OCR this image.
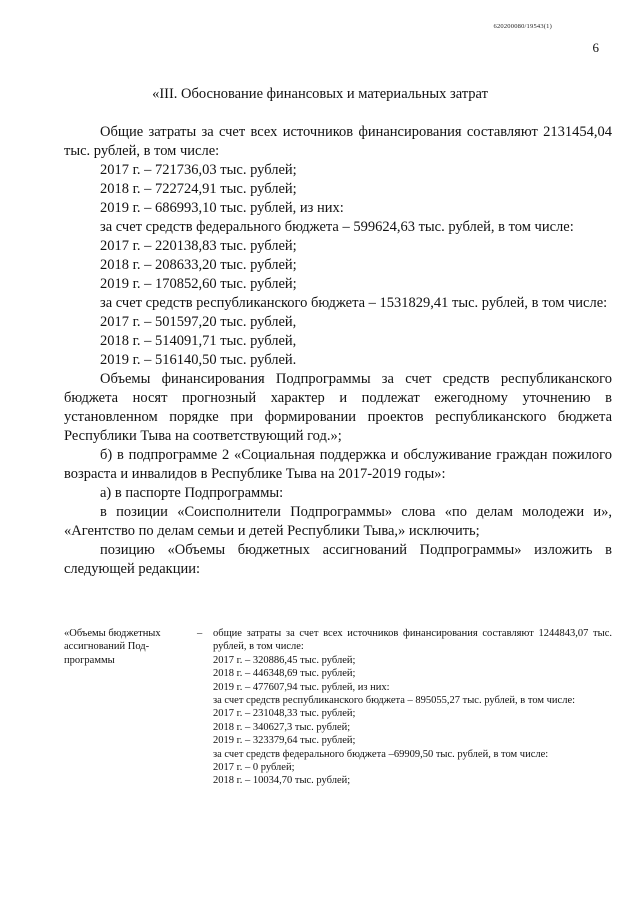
620200080/19543(1)
6
«III. Обоснование финансовых и материальных затрат

Общие затраты за счет всех источников финансирования составляют 2131454,04 тыс. рублей, в том числе:

2017 г. – 721736,03 тыс. рублей;

2018 г. – 722724,91 тыс. рублей;

2019 г. – 686993,10 тыс. рублей, из них:

за счет средств федерального бюджета – 599624,63 тыс. рублей, в том числе:

2017 г. – 220138,83 тыс. рублей;

2018 г. – 208633,20 тыс. рублей;

2019 г. – 170852,60 тыс. рублей;

за счет средств республиканского бюджета – 1531829,41 тыс. рублей, в том числе:

2017 г. – 501597,20 тыс. рублей,

2018 г. – 514091,71 тыс. рублей,

2019 г. – 516140,50 тыс. рублей.

Объемы финансирования Подпрограммы за счет средств республиканского бюджета носят прогнозный характер и подлежат ежегодному уточнению в установленном порядке при формировании проектов республиканского бюджета Республики Тыва на соответствующий год.»;

б) в подпрограмме 2 «Социальная поддержка и обслуживание граждан пожилого возраста и инвалидов в Республике Тыва на 2017-2019 годы»:

а) в паспорте Подпрограммы:

в позиции «Соисполнители Подпрограммы» слова «по делам молодежи и», «Агентство по делам семьи и детей Республики Тыва,» исключить;

позицию «Объемы бюджетных ассигнований Подпрограммы» изложить в следующей редакции:

«Объемы бюджетных
ассигнований Под-
программы
– общие затраты за счет всех источников финансирования составляют 1244843,07 тыс. рублей, в том числе:
2017 г. – 320886,45 тыс. рублей;
2018 г. – 446348,69 тыс. рублей;
2019 г. – 477607,94 тыс. рублей, из них:
за счет средств республиканского бюджета – 895055,27 тыс. рублей, в том числе:
2017 г. – 231048,33 тыс. рублей;
2018 г. – 340627,3 тыс. рублей;
2019 г. – 323379,64 тыс. рублей;
за счет средств федерального бюджета –69909,50 тыс. рублей, в том числе:
2017 г. – 0 рублей;
2018 г. – 10034,70 тыс. рублей;
